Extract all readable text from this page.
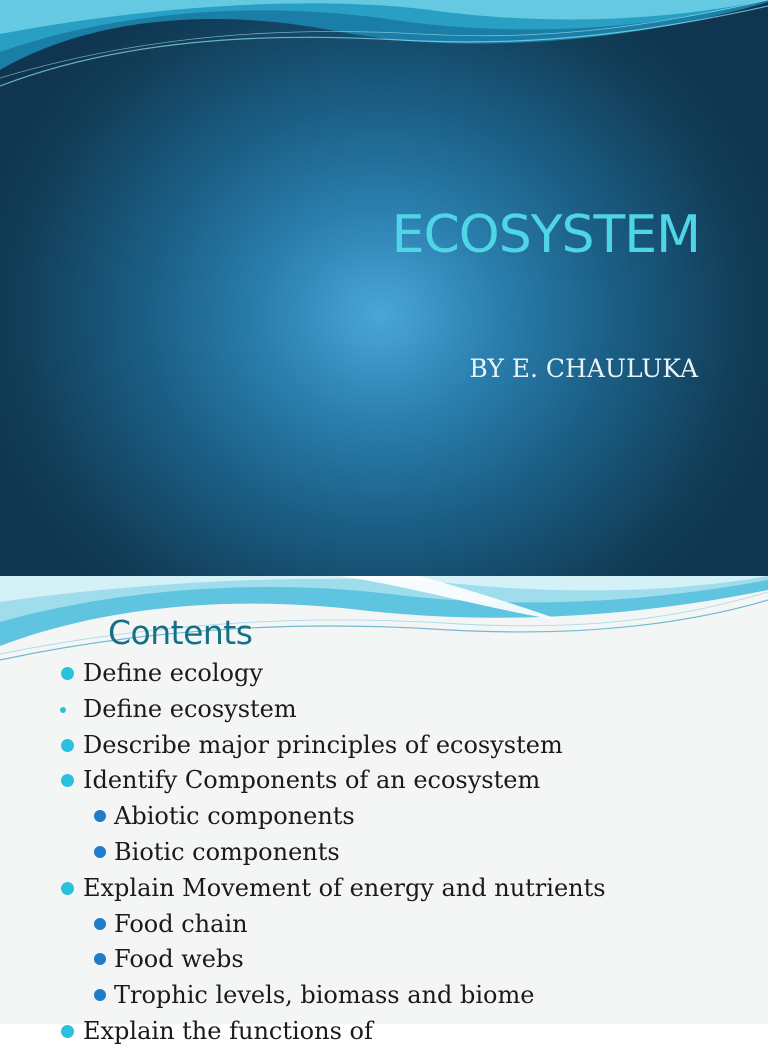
ECOSYSTEM
BY E. CHAULUKA
Contents
Define ecology
Define ecosystem
Describe major principles of ecosystem
Identify Components of an ecosystem
Abiotic components
Biotic components
Explain Movement of energy and nutrients
Food chain
Food webs
Trophic levels, biomass and biome
Explain the functions of
